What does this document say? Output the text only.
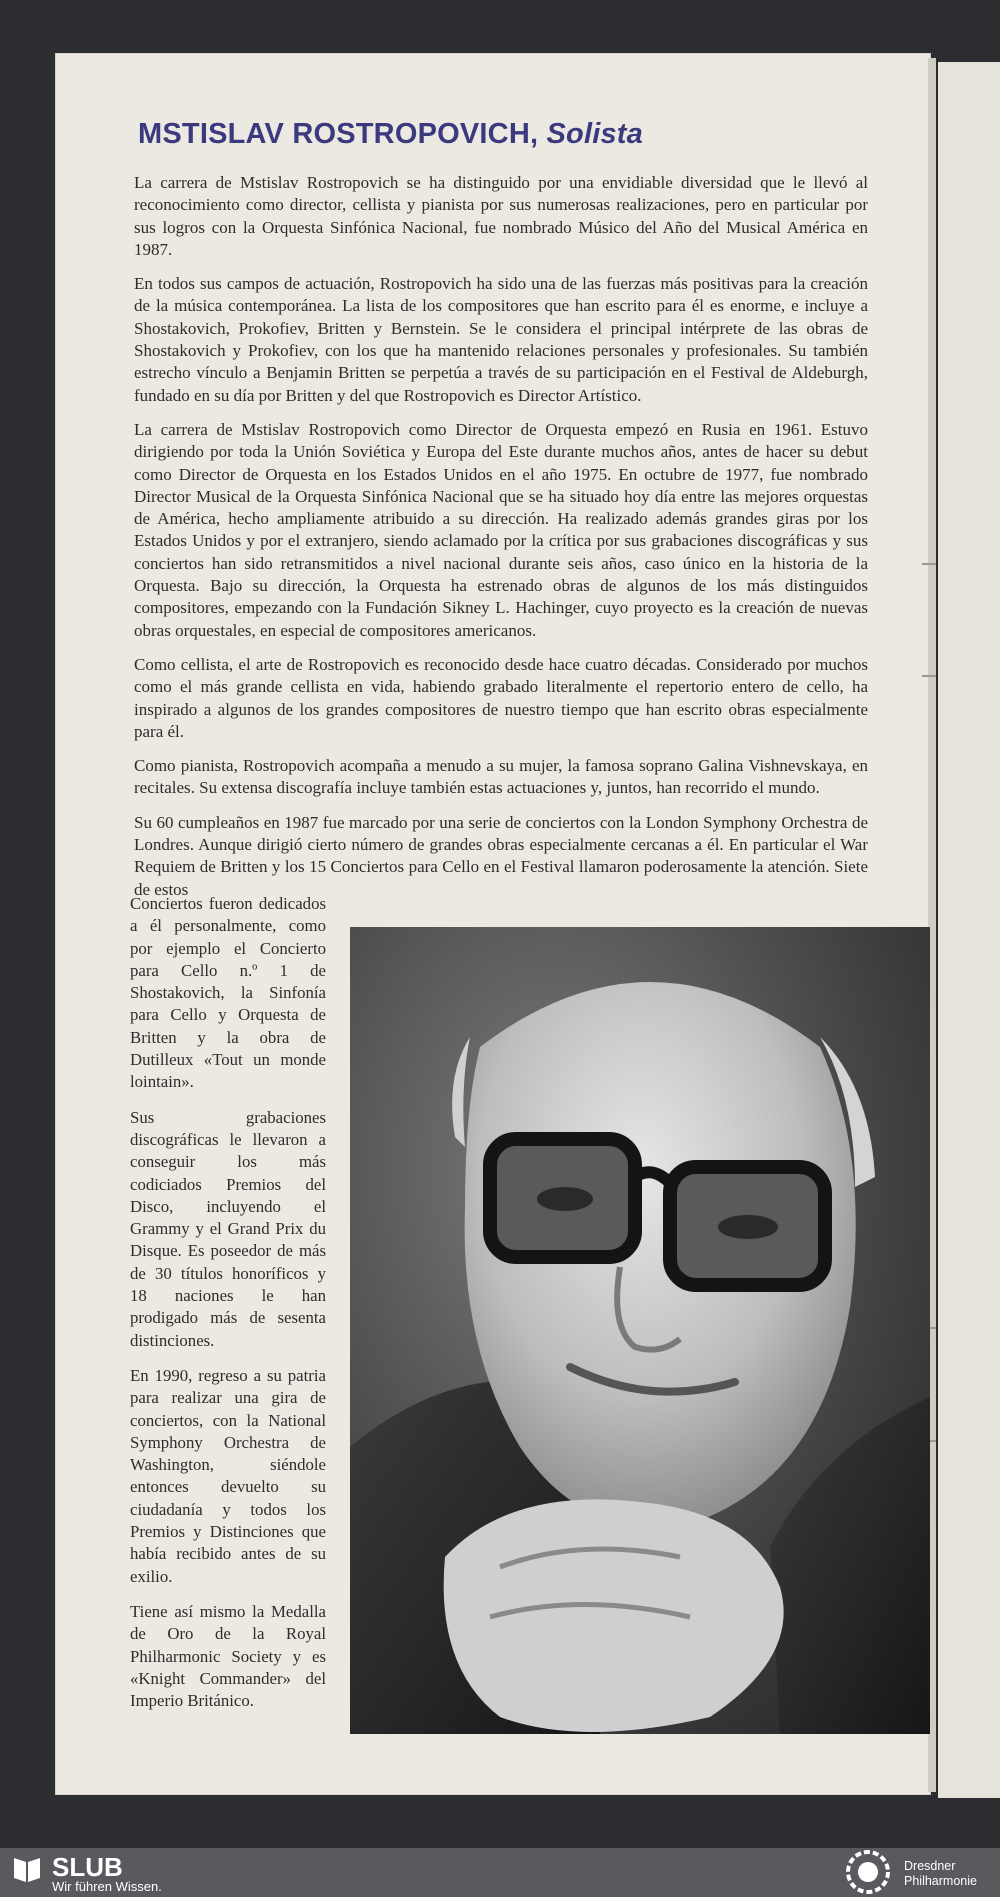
MSTISLAV ROSTROPOVICH, Solista

La carrera de Mstislav Rostropovich se ha distinguido por una envidiable diversidad que le llevó al reconocimiento como director, cellista y pianista por sus numerosas realizaciones, pero en particular por sus logros con la Orquesta Sinfónica Nacional, fue nombrado Músico del Año del Musical América en 1987.

En todos sus campos de actuación, Rostropovich ha sido una de las fuerzas más positivas para la creación de la música contemporánea. La lista de los compositores que han escrito para él es enorme, e incluye a Shostakovich, Prokofiev, Britten y Bernstein. Se le considera el principal intérprete de las obras de Shostakovich y Prokofiev, con los que ha mantenido relaciones personales y profesionales. Su también estrecho vínculo a Benjamin Britten se perpetúa a través de su participación en el Festival de Aldeburgh, fundado en su día por Britten y del que Rostropovich es Director Artístico.

La carrera de Mstislav Rostropovich como Director de Orquesta empezó en Rusia en 1961. Estuvo dirigiendo por toda la Unión Soviética y Europa del Este durante muchos años, antes de hacer su debut como Director de Orquesta en los Estados Unidos en el año 1975. En octubre de 1977, fue nombrado Director Musical de la Orquesta Sinfónica Nacional que se ha situado hoy día entre las mejores orquestas de América, hecho ampliamente atribuido a su dirección. Ha realizado además grandes giras por los Estados Unidos y por el extranjero, siendo aclamado por la crítica por sus grabaciones discográficas y sus conciertos han sido retransmitidos a nivel nacional durante seis años, caso único en la historia de la Orquesta. Bajo su dirección, la Orquesta ha estrenado obras de algunos de los más distinguidos compositores, empezando con la Fundación Sikney L. Hachinger, cuyo proyecto es la creación de nuevas obras orquestales, en especial de compositores americanos.

Como cellista, el arte de Rostropovich es reconocido desde hace cuatro décadas. Considerado por muchos como el más grande cellista en vida, habiendo grabado literalmente el repertorio entero de cello, ha inspirado a algunos de los grandes compositores de nuestro tiempo que han escrito obras especialmente para él.

Como pianista, Rostropovich acompaña a menudo a su mujer, la famosa soprano Galina Vishnevskaya, en recitales. Su extensa discografía incluye también estas actuaciones y, juntos, han recorrido el mundo.

Su 60 cumpleaños en 1987 fue marcado por una serie de conciertos con la London Symphony Orchestra de Londres. Aunque dirigió cierto número de grandes obras especialmente cercanas a él. En particular el War Requiem de Britten y los 15 Conciertos para Cello en el Festival llamaron poderosamente la atención. Siete de estos

Conciertos fueron dedicados a él personalmente, como por ejemplo el Concierto para Cello n.º 1 de Shostakovich, la Sinfonía para Cello y Orquesta de Britten y la obra de Dutilleux «Tout un monde lointain».

Sus grabaciones discográficas le llevaron a conseguir los más codiciados Premios del Disco, incluyendo el Grammy y el Grand Prix du Disque. Es poseedor de más de 30 títulos honoríficos y 18 naciones le han prodigado más de sesenta distinciones.

En 1990, regreso a su patria para realizar una gira de conciertos, con la National Symphony Orchestra de Washington, siéndole entonces devuelto su ciudadanía y todos los Premios y Distinciones que había recibido antes de su exilio.

Tiene así mismo la Medalla de Oro de la Royal Philharmonic Society y es «Knight Commander» del Imperio Británico.

SLUB
Wir führen Wissen.
Dresdner
Philharmonie
